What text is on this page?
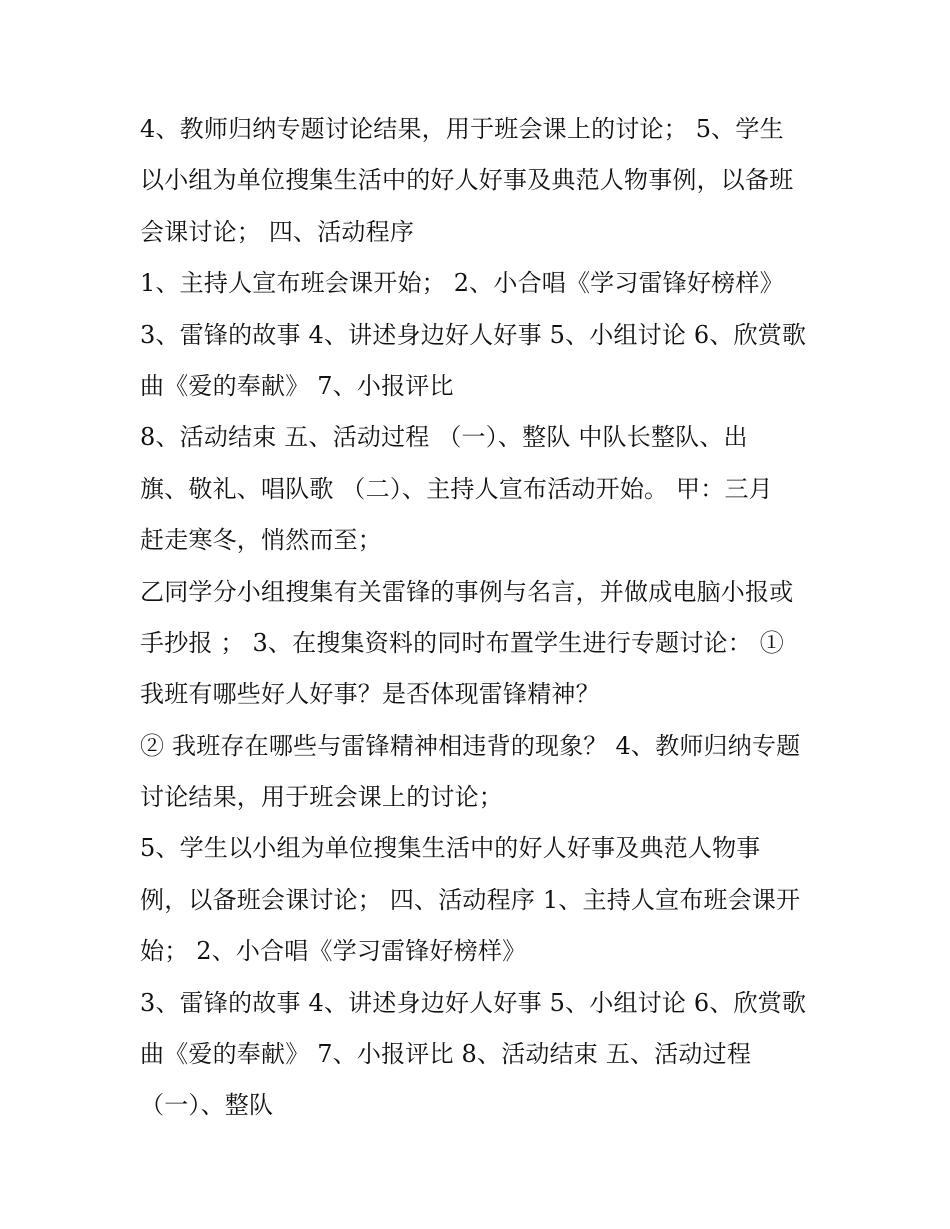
4、教师归纳专题讨论结果，用于班会课上的讨论； 5、学生
以小组为单位搜集生活中的好人好事及典范人物事例，以备班
会课讨论； 四、活动程序
1、主持人宣布班会课开始； 2、小合唱《学习雷锋好榜样》
3、雷锋的故事 4、讲述身边好人好事 5、小组讨论 6、欣赏歌
曲《爱的奉献》 7、小报评比
8、活动结束 五、活动过程 （一）、整队 中队长整队、出
旗、敬礼、唱队歌 （二）、主持人宣布活动开始。 甲：三月
赶走寒冬，悄然而至；
乙同学分小组搜集有关雷锋的事例与名言，并做成电脑小报或
手抄报 ； 3、在搜集资料的同时布置学生进行专题讨论： ①
我班有哪些好人好事？是否体现雷锋精神？
② 我班存在哪些与雷锋精神相违背的现象？ 4、教师归纳专题
讨论结果，用于班会课上的讨论；
5、学生以小组为单位搜集生活中的好人好事及典范人物事
例，以备班会课讨论； 四、活动程序 1、主持人宣布班会课开
始； 2、小合唱《学习雷锋好榜样》
3、雷锋的故事 4、讲述身边好人好事 5、小组讨论 6、欣赏歌
曲《爱的奉献》 7、小报评比 8、活动结束 五、活动过程
（一）、整队
